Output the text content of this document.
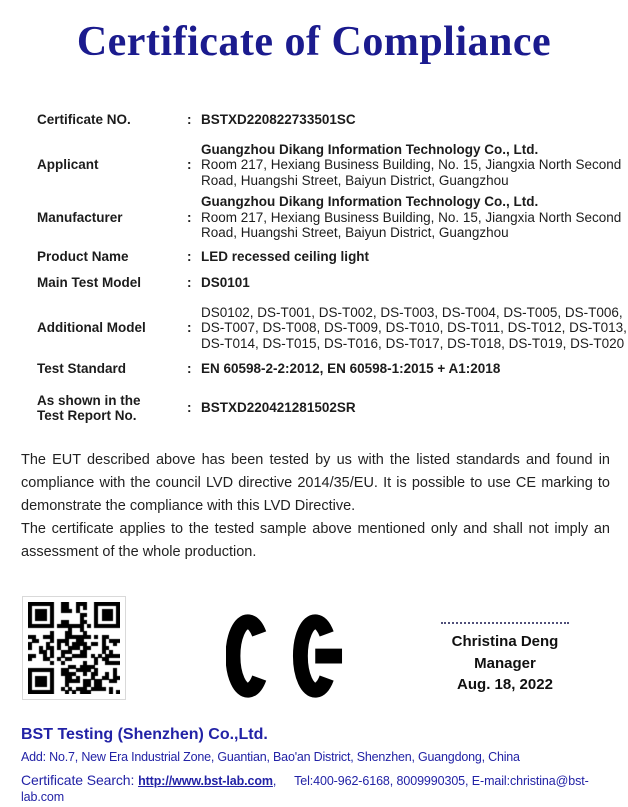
Certificate of Compliance
Certificate NO.	: BSTXD220822733501SC
Applicant	:
Guangzhou Dikang Information Technology Co., Ltd.
Room 217, Hexiang Business Building, No. 15, Jiangxia North Second
Road, Huangshi Street, Baiyun District, Guangzhou
Manufacturer	:
Guangzhou Dikang Information Technology Co., Ltd.
Room 217, Hexiang Business Building, No. 15, Jiangxia North Second
Road, Huangshi Street, Baiyun District, Guangzhou
Product Name	: LED recessed ceiling light
Main Test Model	: DS0101
Additional Model	:
DS0102, DS-T001, DS-T002, DS-T003, DS-T004, DS-T005, DS-T006,
DS-T007, DS-T008, DS-T009, DS-T010, DS-T011, DS-T012, DS-T013,
DS-T014, DS-T015, DS-T016, DS-T017, DS-T018, DS-T019, DS-T020
Test Standard	: EN 60598-2-2:2012, EN 60598-1:2015 + A1:2018
As shown in the
Test Report No.
: BSTXD220421281502SR

The EUT described above has been tested by us with the listed standards and found in compliance with the council LVD directive 2014/35/EU. It is possible to use CE marking to demonstrate the compliance with this LVD Directive.

The certificate applies to the tested sample above mentioned only and shall not imply an assessment of the whole production.

Christina Deng
Manager
Aug. 18, 2022
BST Testing (Shenzhen) Co.,Ltd.
Add: No.7, New Era Industrial Zone, Guantian, Bao'an District, Shenzhen, Guangdong, China
Certificate Search: http://www.bst-lab.com, Tel:400-962-6168, 8009990305, E-mail:christina@bst-lab.com
